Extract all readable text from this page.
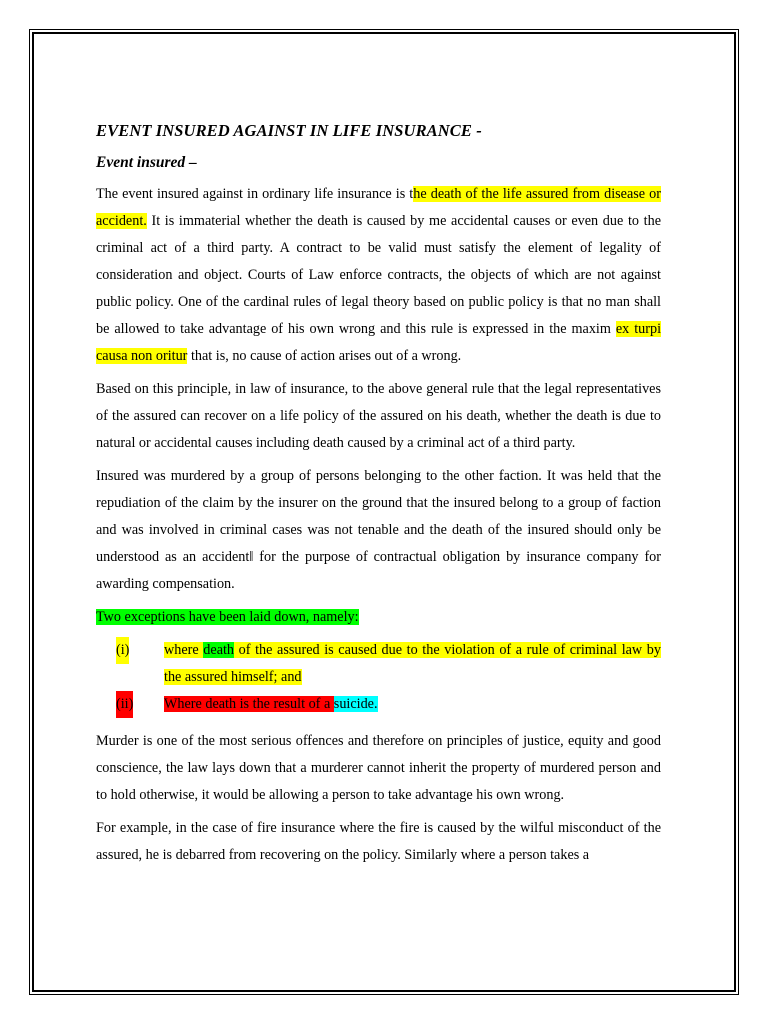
EVENT INSURED AGAINST IN LIFE INSURANCE -
Event insured –

The event insured against in ordinary life insurance is the death of the life assured from disease or accident. It is immaterial whether the death is caused by me accidental causes or even due to the criminal act of a third party. A contract to be valid must satisfy the element of legality of consideration and object. Courts of Law enforce contracts, the objects of which are not against public policy. One of the cardinal rules of legal theory based on public policy is that no man shall be allowed to take advantage of his own wrong and this rule is expressed in the maxim ex turpi causa non oritur that is, no cause of action arises out of a wrong.

Based on this principle, in law of insurance, to the above general rule that the legal representatives of the assured can recover on a life policy of the assured on his death, whether the death is due to natural or accidental causes including death caused by a criminal act of a third party.

Insured was murdered by a group of persons belonging to the other faction. It was held that the repudiation of the claim by the insurer on the ground that the insured belong to a group of faction and was involved in criminal cases was not tenable and the death of the insured should only be understood as an accident‖ for the purpose of contractual obligation by insurance company for awarding compensation.

Two exceptions have been laid down, namely:

(i) where death of the assured is caused due to the violation of a rule of criminal law by the assured himself; and
(ii) Where death is the result of a suicide.

Murder is one of the most serious offences and therefore on principles of justice, equity and good conscience, the law lays down that a murderer cannot inherit the property of murdered person and to hold otherwise, it would be allowing a person to take advantage his own wrong.

For example, in the case of fire insurance where the fire is caused by the wilful misconduct of the assured, he is debarred from recovering on the policy. Similarly where a person takes a
